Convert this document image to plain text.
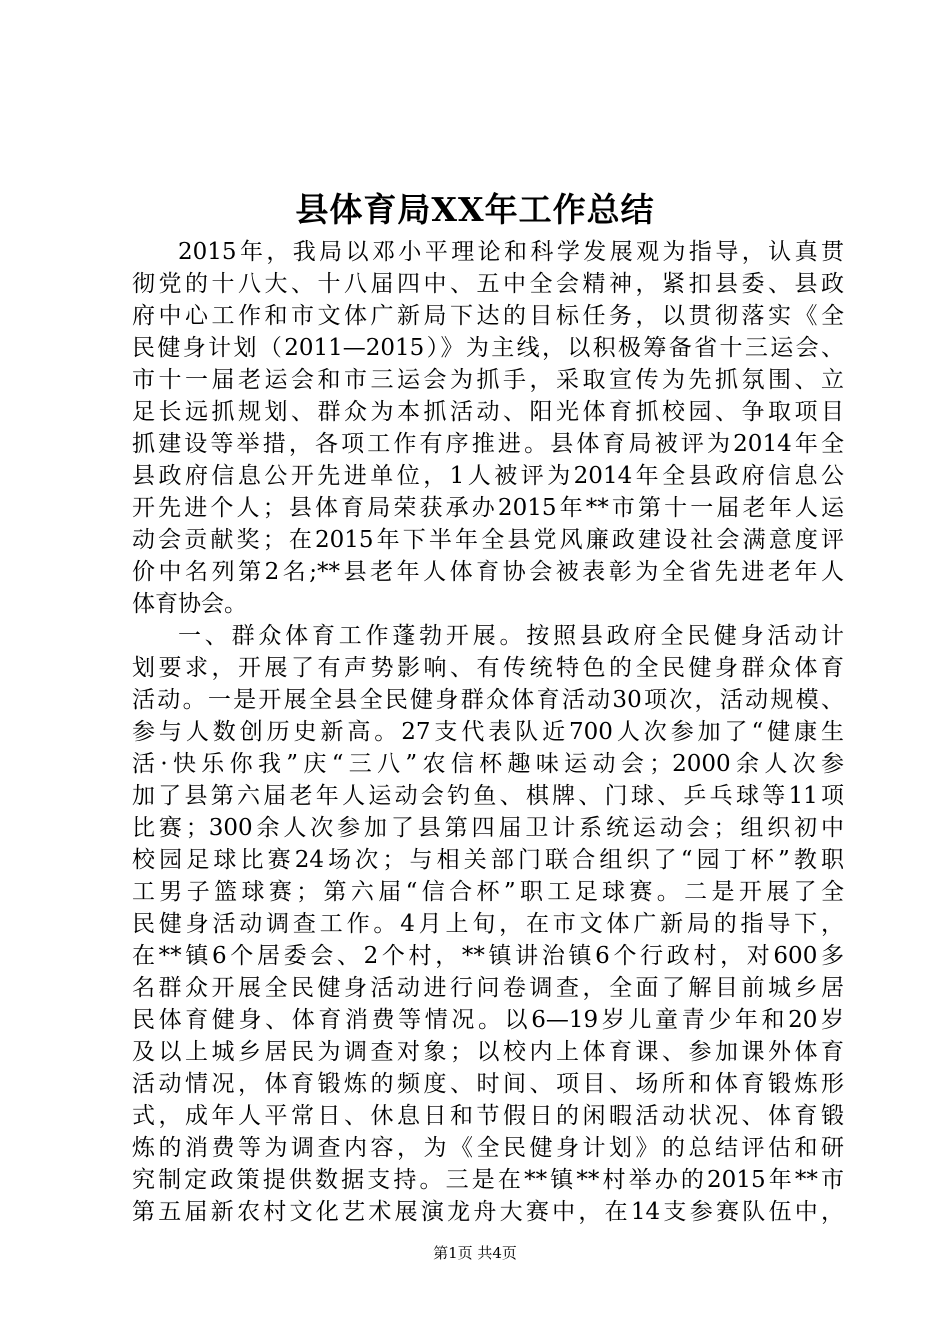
县体育局XX年工作总结
2015年，我局以邓小平理论和科学发展观为指导，认真贯
彻党的十八大、十八届四中、五中全会精神，紧扣县委、县政
府中心工作和市文体广新局下达的目标任务，以贯彻落实《全
民健身计划（2011—2015）》为主线，以积极筹备省十三运会、
市十一届老运会和市三运会为抓手，采取宣传为先抓氛围、立
足长远抓规划、群众为本抓活动、阳光体育抓校园、争取项目
抓建设等举措，各项工作有序推进。县体育局被评为2014年全
县政府信息公开先进单位，1人被评为2014年全县政府信息公
开先进个人；县体育局荣获承办2015年**市第十一届老年人运
动会贡献奖；在2015年下半年全县党风廉政建设社会满意度评
价中名列第2名;**县老年人体育协会被表彰为全省先进老年人
体育协会。
一、群众体育工作蓬勃开展。按照县政府全民健身活动计
划要求，开展了有声势影响、有传统特色的全民健身群众体育
活动。一是开展全县全民健身群众体育活动30项次，活动规模、
参与人数创历史新高。27支代表队近700人次参加了“健康生
活·快乐你我”庆“三八”农信杯趣味运动会；2000余人次参
加了县第六届老年人运动会钓鱼、棋牌、门球、乒乓球等11项
比赛；300余人次参加了县第四届卫计系统运动会；组织初中
校园足球比赛24场次；与相关部门联合组织了“园丁杯”教职
工男子篮球赛；第六届“信合杯”职工足球赛。二是开展了全
民健身活动调查工作。4月上旬，在市文体广新局的指导下，
在**镇6个居委会、2个村，**镇讲治镇6个行政村，对600多
名群众开展全民健身活动进行问卷调查，全面了解目前城乡居
民体育健身、体育消费等情况。以6—19岁儿童青少年和20岁
及以上城乡居民为调查对象；以校内上体育课、参加课外体育
活动情况，体育锻炼的频度、时间、项目、场所和体育锻炼形
式，成年人平常日、休息日和节假日的闲暇活动状况、体育锻
炼的消费等为调查内容，为《全民健身计划》的总结评估和研
究制定政策提供数据支持。三是在**镇**村举办的2015年**市
第五届新农村文化艺术展演龙舟大赛中，在14支参赛队伍中，
第1页 共4页
